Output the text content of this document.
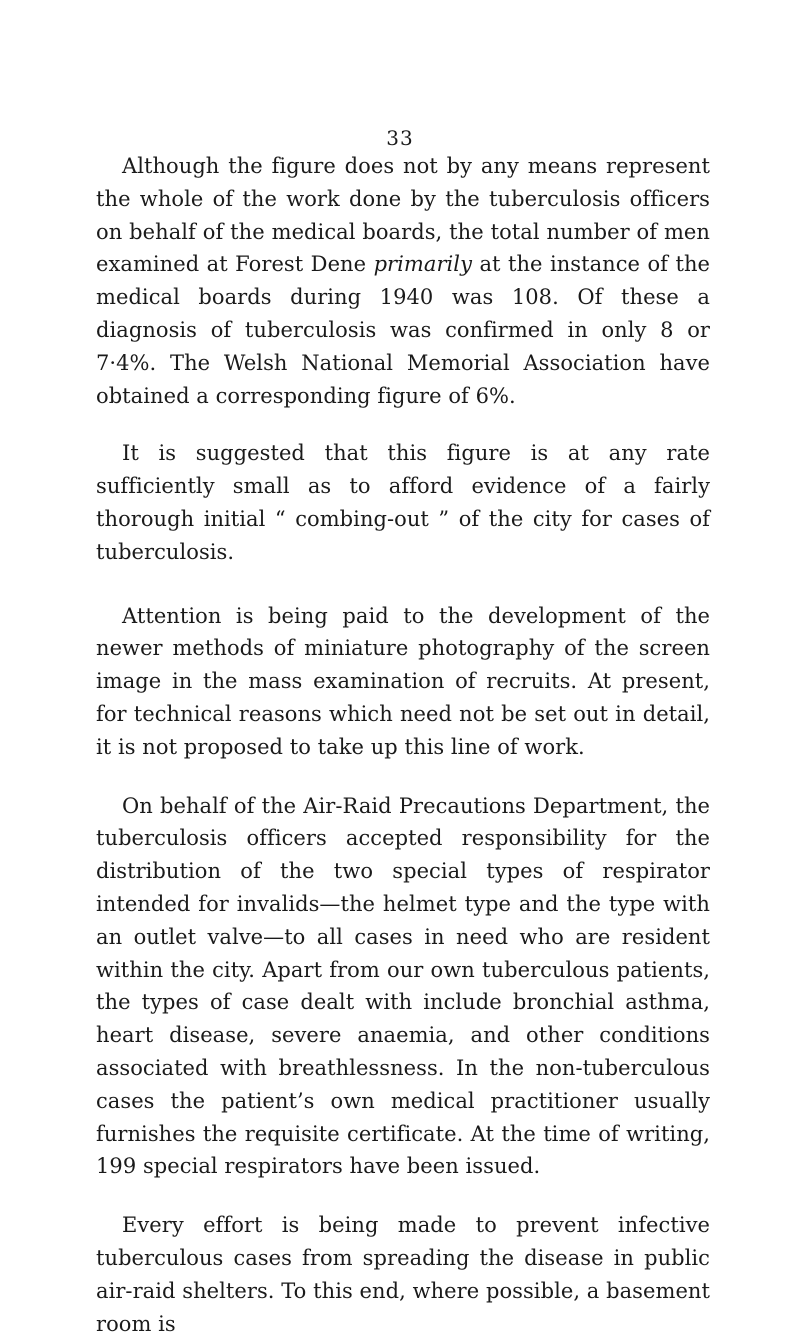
33

Although the figure does not by any means represent the whole of the work done by the tuberculosis officers on behalf of the medical boards, the total number of men examined at Forest Dene primarily at the instance of the medical boards during 1940 was 108. Of these a diagnosis of tuberculosis was confirmed in only 8 or 7·4%. The Welsh National Memorial Association have obtained a corresponding figure of 6%.

It is suggested that this figure is at any rate sufficiently small as to afford evidence of a fairly thorough initial “ combing-out ” of the city for cases of tuberculosis.

Attention is being paid to the development of the newer methods of miniature photography of the screen image in the mass examination of recruits. At present, for technical reasons which need not be set out in detail, it is not proposed to take up this line of work.

On behalf of the Air-Raid Precautions Department, the tuberculosis officers accepted responsibility for the distribution of the two special types of respirator intended for invalids—the helmet type and the type with an outlet valve—to all cases in need who are resident within the city. Apart from our own tuberculous patients, the types of case dealt with include bronchial asthma, heart disease, severe anaemia, and other conditions associated with breathlessness. In the non-tuberculous cases the patient’s own medical practitioner usually furnishes the requisite certificate. At the time of writing, 199 special respirators have been issued.

Every effort is being made to prevent infective tuberculous cases from spreading the disease in public air-raid shelters. To this end, where possible, a basement room is
